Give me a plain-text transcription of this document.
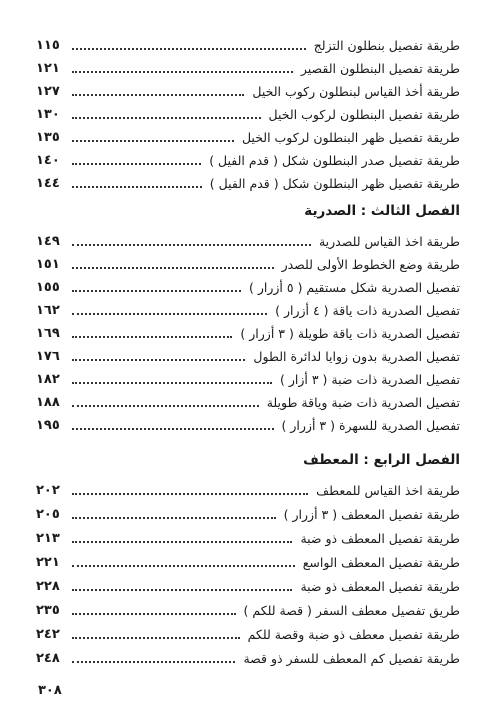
١١٥	طريقة تفصيل بنطلون التزلج
١٢١	طريقة تفصيل البنطلون القصير
١٢٧	طريقة أخذ القياس لبنطلون ركوب الخيل
١٣٠	طريقة تفصيل البنطلون لركوب الخيل
١٣٥	طريقة تفصيل ظهر البنطلون لركوب الخيل
١٤٠	طريقة تفصيل صدر البنطلون شكل ( قدم الفيل )
١٤٤	طريقة تفصيل ظهر البنطلون شكل ( قدم الفيل )
الفصل الثالث : الصدرية
١٤٩	طريقة اخذ القياس للصدرية
١٥١	طريقة وضع الخطوط الأولى للصدر
١٥٥	تفصيل الصدرية شكل مستقيم ( ٥ أزرار )
١٦٢	تفصيل الصدرية ذات ياقة ( ٤ أزرار )
١٦٩	تفصيل الصدرية ذات ياقة طويلة ( ٣ أزرار )
١٧٦	تفصيل الصدرية بدون زوايا لدائرة الطول
١٨٢	تفصيل الصدرية ذات ضبة ( ٣ أزار )
١٨٨	تفصيل الصدرية ذات ضبة وياقة طويلة
١٩٥	تفصيل الصدرية للسهرة ( ٣ أزرار )
الفصل الرابع : المعطف
٢٠٢	طريقة اخذ القياس للمعطف
٢٠٥	طريقة تفصيل المعطف ( ٣ أزرار )
٢١٣	طريقة تفصيل المعطف ذو ضبة
٢٢١	طريقة تفصيل المعطف الواسع
٢٢٨	طريقة تفصيل المعطف ذو ضبة
٢٣٥	طريق تفصيل معطف السفر ( قصة للكم )
٢٤٢	طريقة تفصيل معطف ذو ضبة وقصة للكم
٢٤٨	طريقة تفصيل كم المعطف للسفر ذو قصة
٣٠٨
